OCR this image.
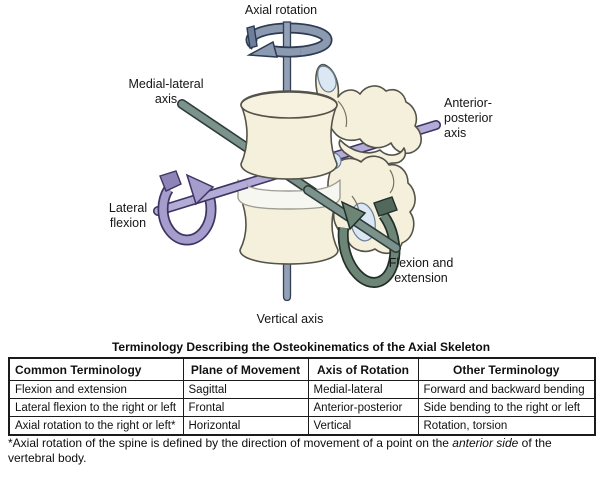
Axial rotation
Medial-lateral axis	Anterior-posterior axis
Lateral flexion
Flexion and extension
Vertical axis
Terminology Describing the Osteokinematics of the Axial Skeleton
Common Terminology	Plane of Movement	Axis of Rotation	Other Terminology
Flexion and extension	Sagittal	Medial-lateral	Forward and backward bending
Lateral flexion to the right or left	Frontal	Anterior-posterior	Side bending to the right or left
Axial rotation to the right or left*	Horizontal	Vertical	Rotation, torsion
*Axial rotation of the spine is defined by the direction of movement of a point on the anterior side of the vertebral body.
